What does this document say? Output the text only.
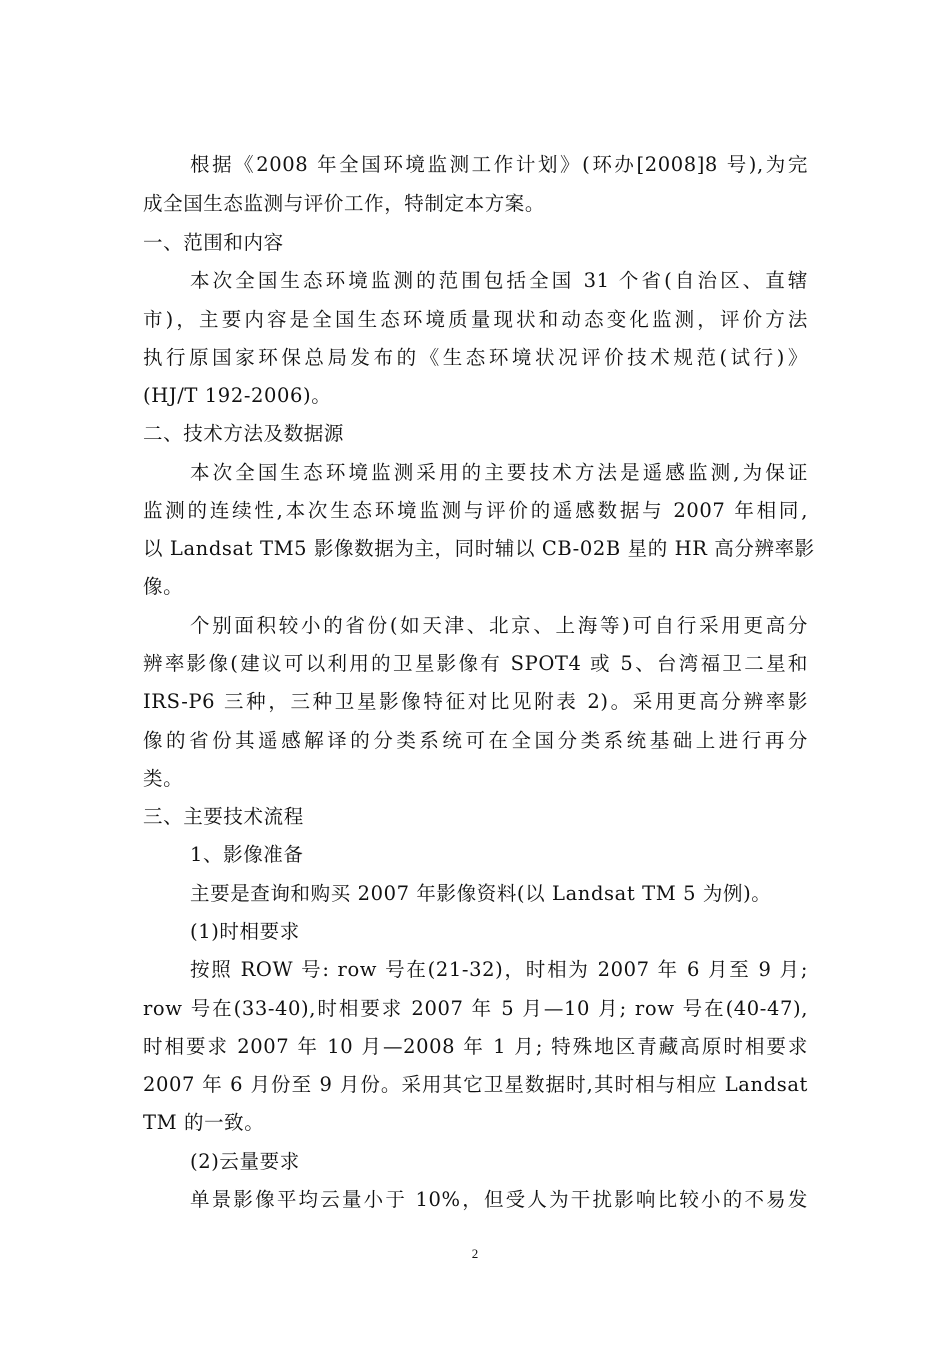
根据《2008 年全国环境监测工作计划》(环办[2008]8 号),为完
成全国生态监测与评价工作，特制定本方案。
一、范围和内容
本次全国生态环境监测的范围包括全国 31 个省(自治区、直辖
市)，主要内容是全国生态环境质量现状和动态变化监测，评价方法
执行原国家环保总局发布的《生态环境状况评价技术规范(试行)》
(HJ/T 192-2006)。
二、技术方法及数据源
本次全国生态环境监测采用的主要技术方法是遥感监测,为保证
监测的连续性,本次生态环境监测与评价的遥感数据与 2007 年相同,
以 Landsat TM5 影像数据为主，同时辅以 CB-02B 星的 HR 高分辨率影
像。
个别面积较小的省份(如天津、北京、上海等)可自行采用更高分
辨率影像(建议可以利用的卫星影像有 SPOT4 或 5、台湾福卫二星和
IRS-P6 三种，三种卫星影像特征对比见附表 2)。采用更高分辨率影
像的省份其遥感解译的分类系统可在全国分类系统基础上进行再分
类。
三、主要技术流程
1、影像准备
主要是查询和购买 2007 年影像资料(以 Landsat TM 5 为例)。
(1)时相要求
按照 ROW 号: row 号在(21-32)，时相为 2007 年 6 月至 9 月;
row 号在(33-40),时相要求 2007 年 5 月—10 月; row 号在(40-47),
时相要求 2007 年 10 月—2008 年 1 月; 特殊地区青藏高原时相要求
2007 年 6 月份至 9 月份。采用其它卫星数据时,其时相与相应 Landsat
TM 的一致。
(2)云量要求
单景影像平均云量小于 10%，但受人为干扰影响比较小的不易发
2
